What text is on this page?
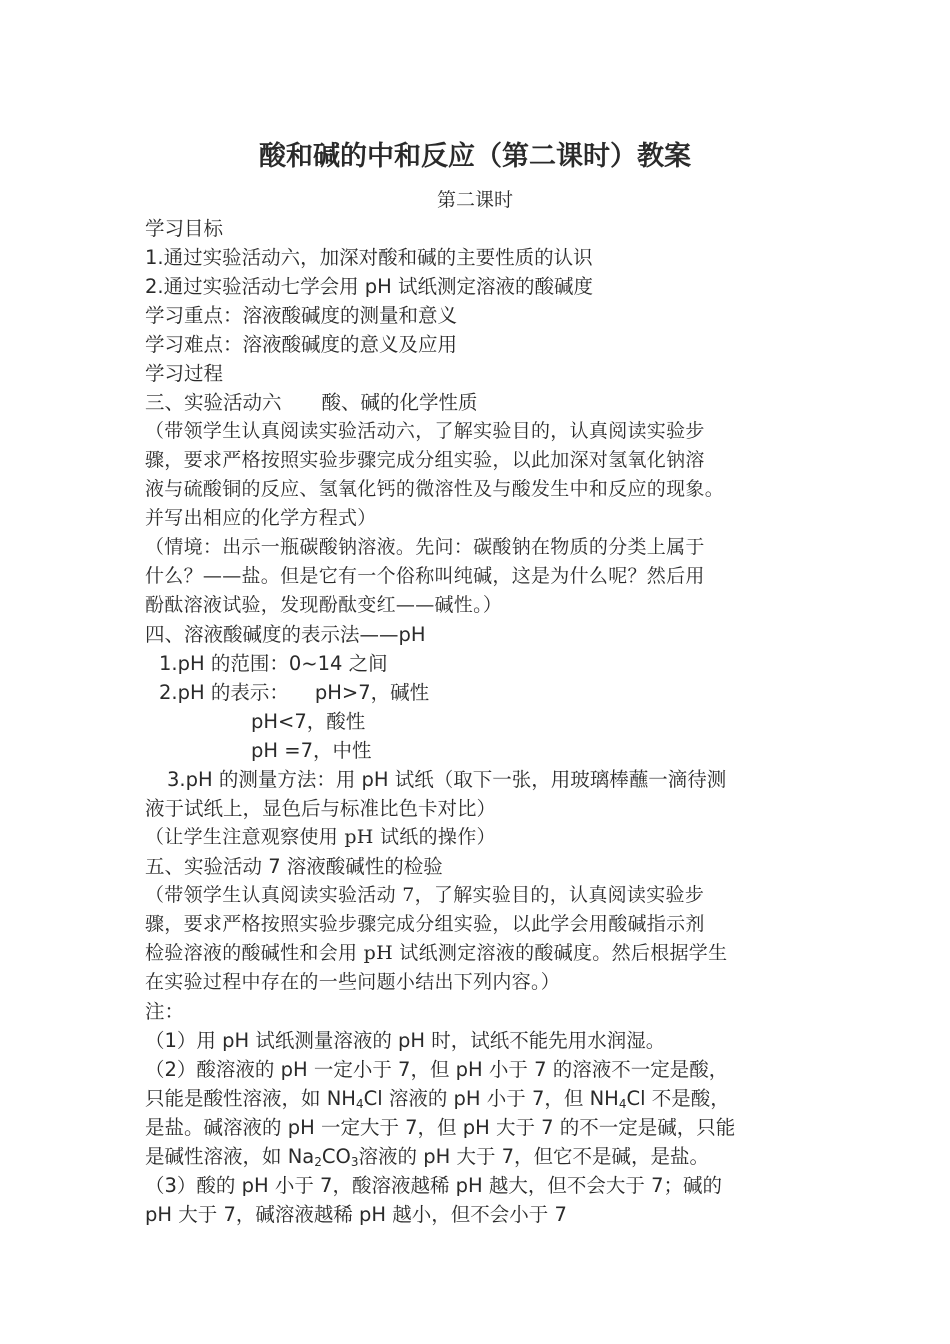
酸和碱的中和反应（第二课时）教案
第二课时
学习目标
1.通过实验活动六，加深对酸和碱的主要性质的认识
2.通过实验活动七学会用 pH 试纸测定溶液的酸碱度
学习重点：溶液酸碱度的测量和意义
学习难点：溶液酸碱度的意义及应用
学习过程
三、实验活动六 酸、碱的化学性质
（带领学生认真阅读实验活动六，了解实验目的，认真阅读实验步
骤，要求严格按照实验步骤完成分组实验，以此加深对氢氧化钠溶
液与硫酸铜的反应、氢氧化钙的微溶性及与酸发生中和反应的现象。
并写出相应的化学方程式）
（情境：出示一瓶碳酸钠溶液。先问：碳酸钠在物质的分类上属于
什么？——盐。但是它有一个俗称叫纯碱，这是为什么呢？然后用
酚酞溶液试验，发现酚酞变红——碱性。）
四、溶液酸碱度的表示法——pH
1.pH 的范围：0~14 之间
2.pH 的表示： pH>7，碱性
pH<7，酸性
pH =7，中性
3.pH 的测量方法：用 pH 试纸（取下一张，用玻璃棒蘸一滴待测
液于试纸上，显色后与标准比色卡对比）
（让学生注意观察使用 pH 试纸的操作）
五、实验活动 7 溶液酸碱性的检验
（带领学生认真阅读实验活动 7，了解实验目的，认真阅读实验步
骤，要求严格按照实验步骤完成分组实验，以此学会用酸碱指示剂
检验溶液的酸碱性和会用 pH 试纸测定溶液的酸碱度。然后根据学生
在实验过程中存在的一些问题小结出下列内容。）
注：
（1）用 pH 试纸测量溶液的 pH 时，试纸不能先用水润湿。
（2）酸溶液的 pH 一定小于 7，但 pH 小于 7 的溶液不一定是酸，
只能是酸性溶液，如 $NH_4Cl$ 溶液的 pH 小于 7，但 $NH_4Cl$ 不是酸，
是盐。碱溶液的 pH 一定大于 7，但 pH 大于 7 的不一定是碱，只能
是碱性溶液，如 $Na_2CO_3$溶液的 pH 大于 7，但它不是碱，是盐。
（3）酸的 pH 小于 7，酸溶液越稀 pH 越大，但不会大于 7；碱的
pH 大于 7，碱溶液越稀 pH 越小，但不会小于 7
